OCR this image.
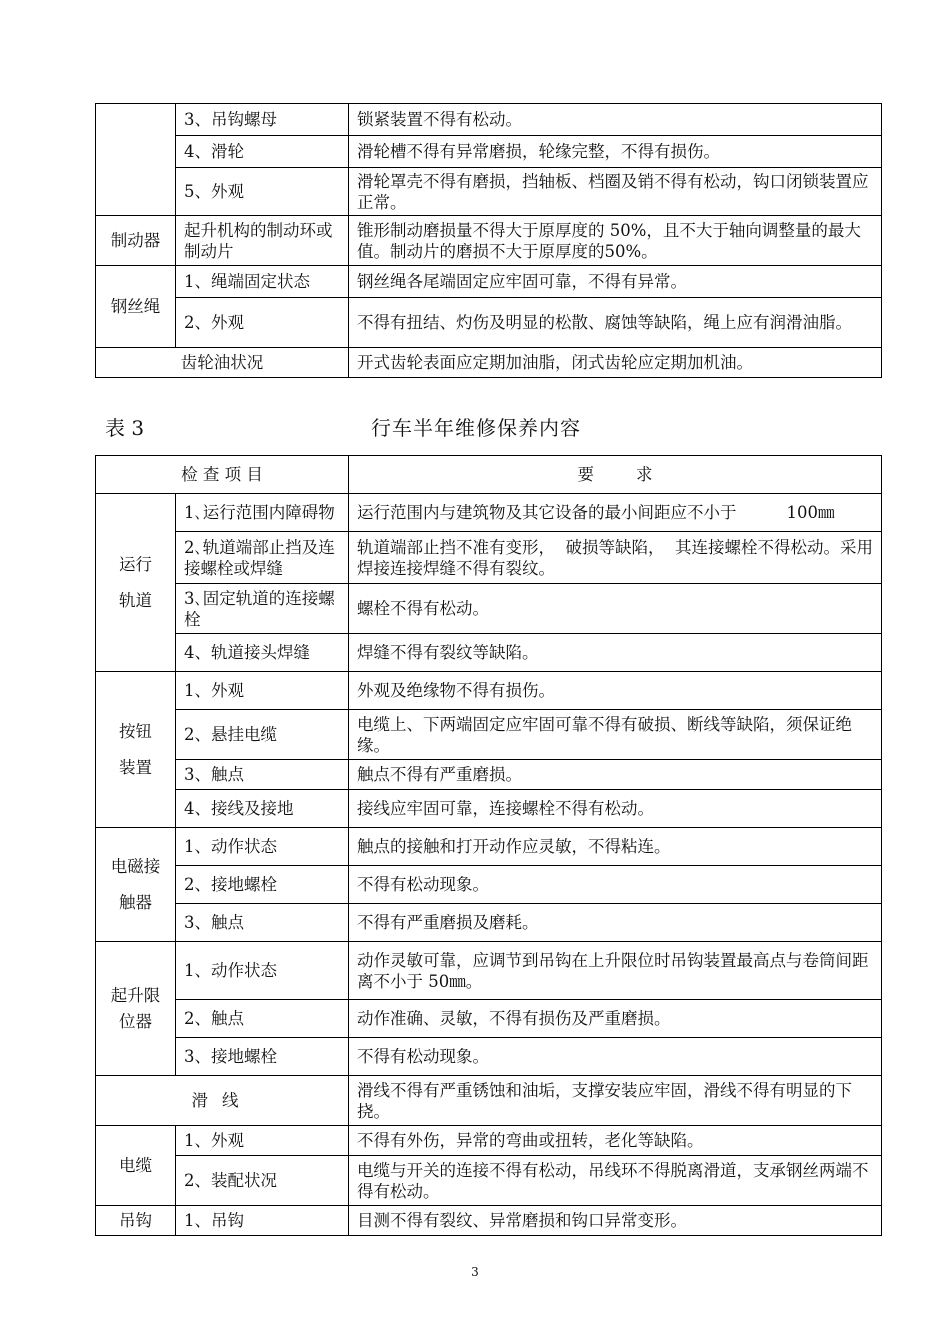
	3、吊钩螺母	锁紧装置不得有松动。
	4、滑轮	滑轮槽不得有异常磨损，轮缘完整，不得有损伤。
	5、外观	滑轮罩壳不得有磨损，挡轴板、档圈及销不得有松动，钩口闭锁装置应正常。
制动器	起升机构的制动环或制动片	锥形制动磨损量不得大于原厚度的 50%，且不大于轴向调整量的最大值。制动片的磨损不大于原厚度的50%。
钢丝绳	1、绳端固定状态	钢丝绳各尾端固定应牢固可靠，不得有异常。
	2、外观	不得有扭结、灼伤及明显的松散、腐蚀等缺陷，绳上应有润滑油脂。
齿轮油状况		开式齿轮表面应定期加油脂，闭式齿轮应定期加机油。
表 3	行车半年维修保养内容
检 查 项 目		要        求

运行
轨道	1､运行范围内障碍物	运行范围内与建筑物及其它设备的最小间距应不小于 100㎜
	2､轨道端部止挡及连接螺栓或焊缝	轨道端部止挡不准有变形，  破损等缺陷，  其连接螺栓不得松动。采用焊接连接焊缝不得有裂纹。
	3､固定轨道的连接螺栓	螺栓不得有松动。
	4、轨道接头焊缝	焊缝不得有裂纹等缺陷。

按钮
装置	1、外观	外观及绝缘物不得有损伤。
	2、悬挂电缆	电缆上、下两端固定应牢固可靠不得有破损、断线等缺陷，须保证绝缘。
	3、触点	触点不得有严重磨损。
	4、接线及接地	接线应牢固可靠，连接螺栓不得有松动。

电磁接
触器	1、动作状态	触点的接触和打开动作应灵敏，不得粘连。
	2、接地螺栓	不得有松动现象。
	3、触点	不得有严重磨损及磨耗。

起升限
位器	1、动作状态	动作灵敏可靠，应调节到吊钩在上升限位时吊钩装置最高点与卷筒间距离不小于 50㎜。
	2、触点	动作准确、灵敏，不得有损伤及严重磨损。
	3、接地螺栓	不得有松动现象。
滑线		滑线不得有严重锈蚀和油垢，支撑安装应牢固，滑线不得有明显的下挠。
电缆	1、外观	不得有外伤，异常的弯曲或扭转，老化等缺陷。
	2、装配状况	电缆与开关的连接不得有松动，吊线环不得脱离滑道，支承钢丝两端不得有松动。
吊钩	1、吊钩	目测不得有裂纹、异常磨损和钩口异常变形。
3
